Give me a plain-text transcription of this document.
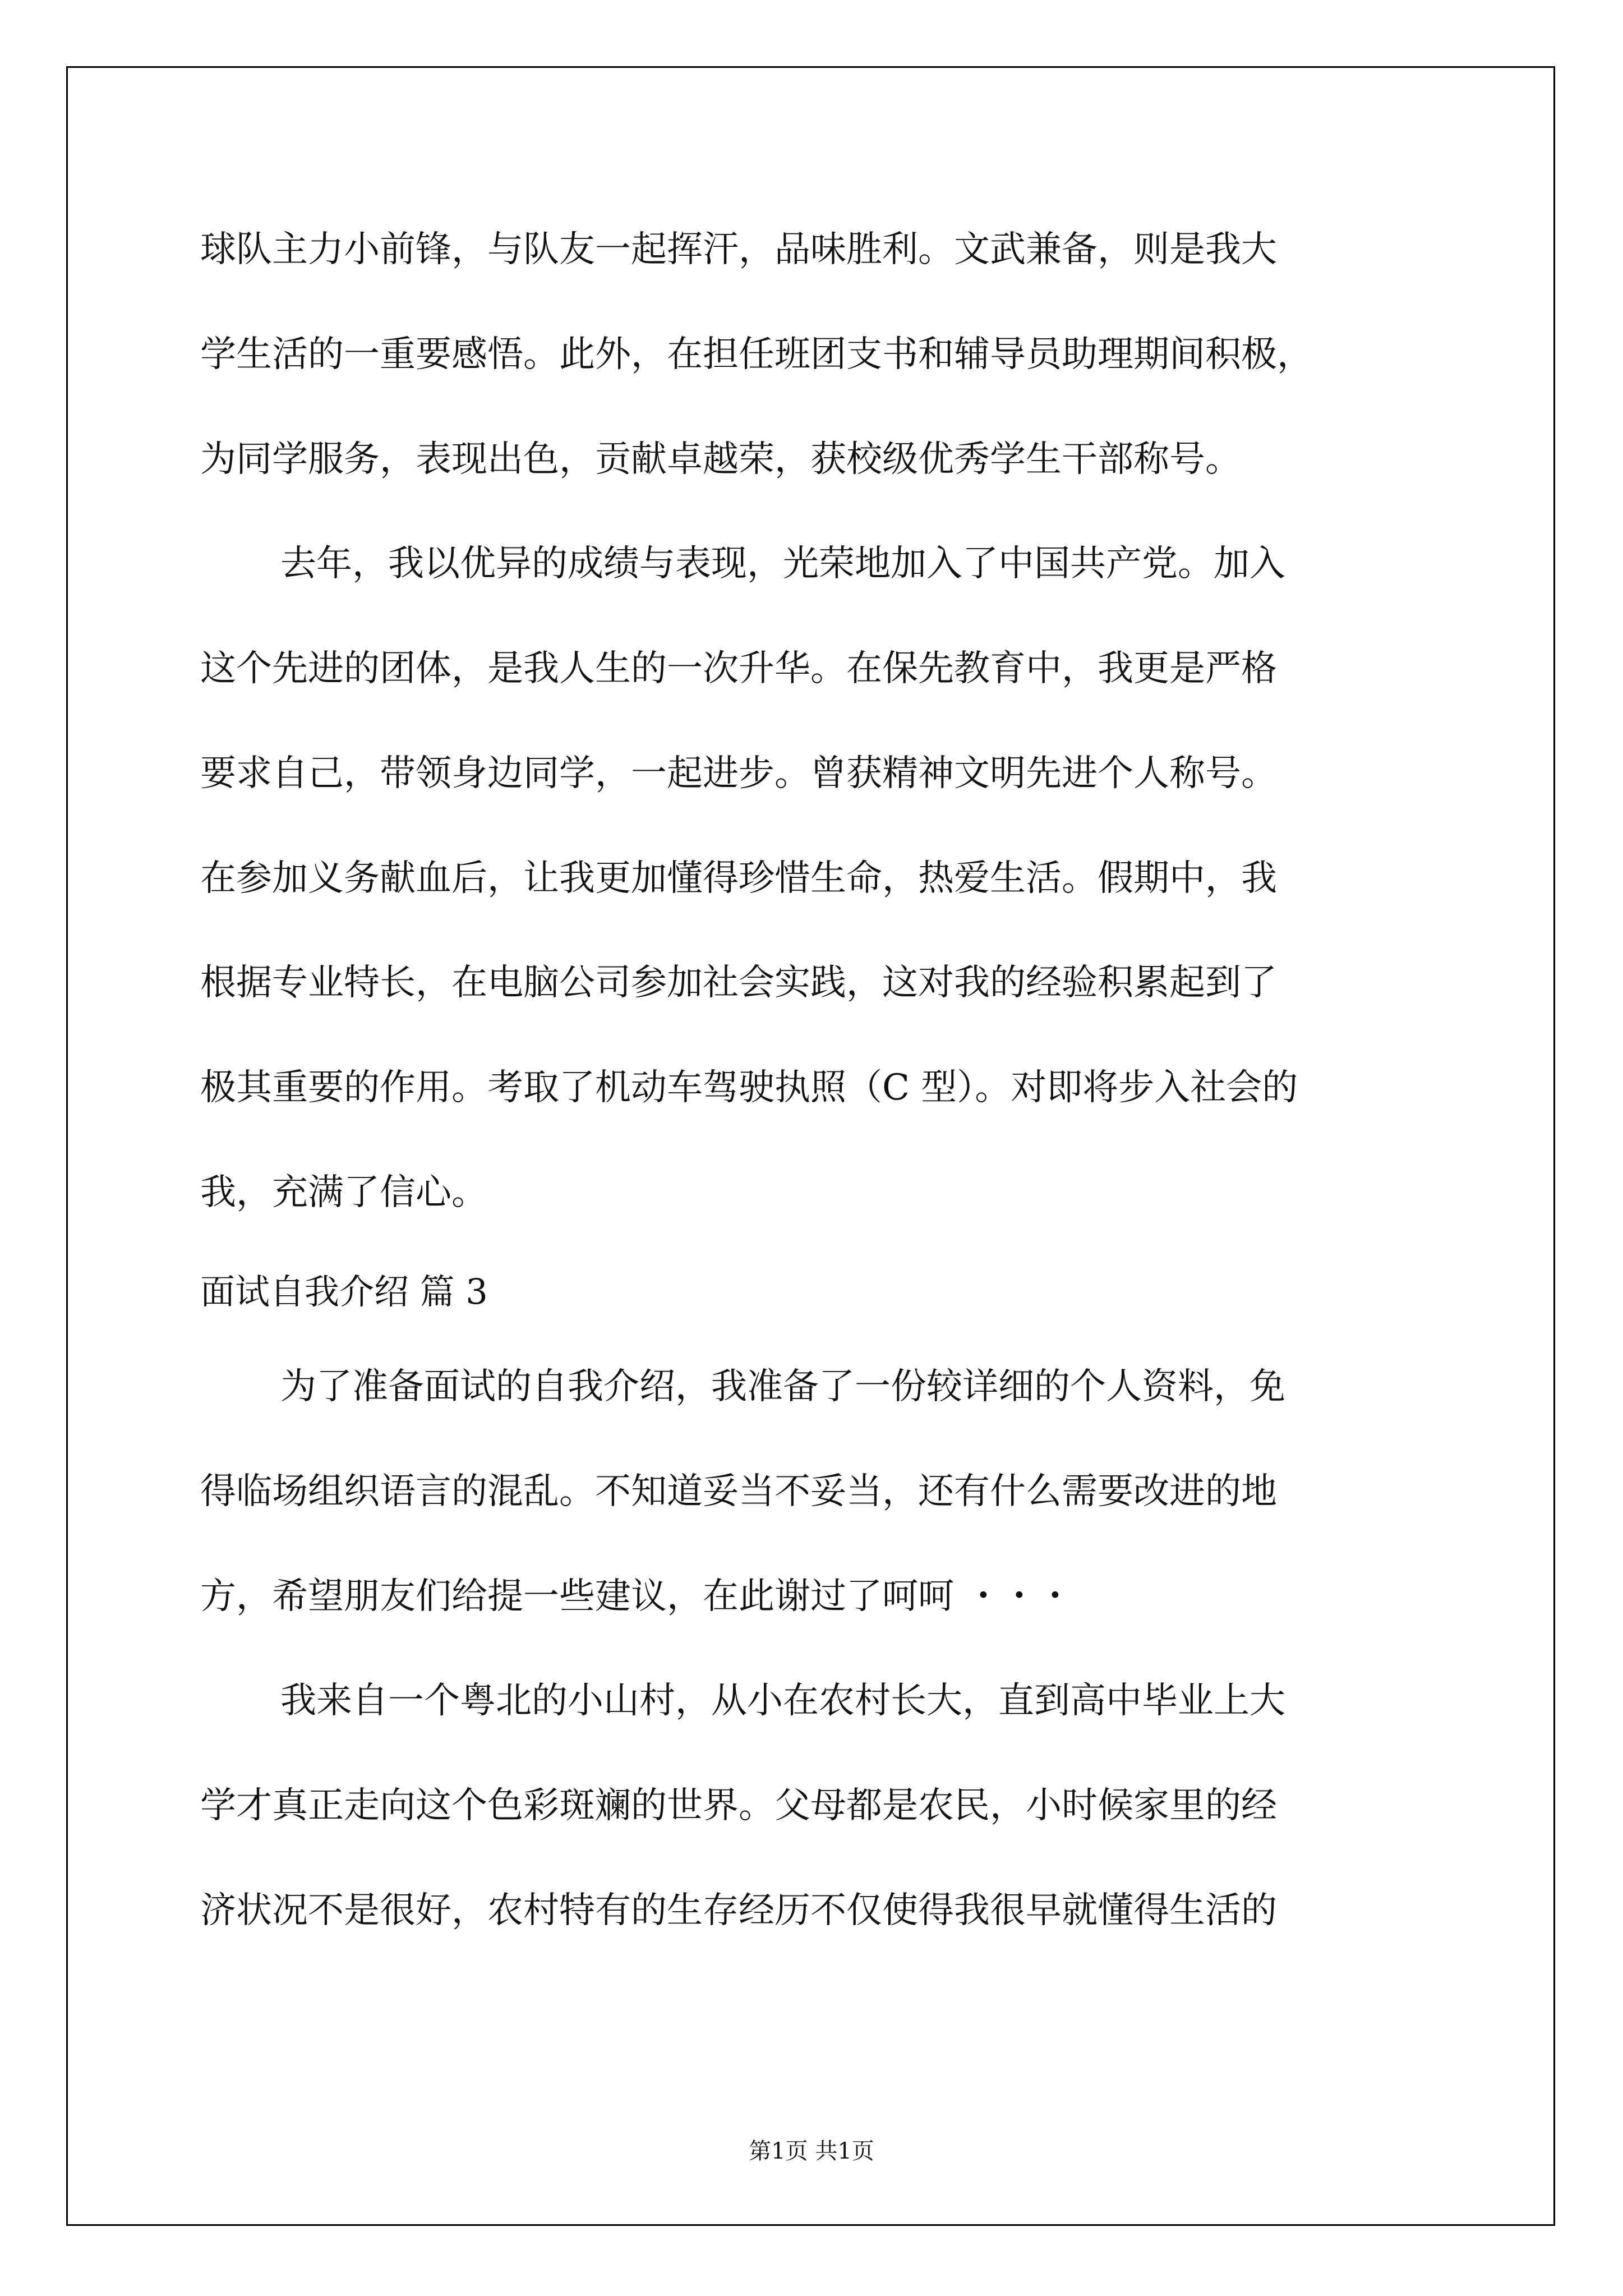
球队主力小前锋，与队友一起挥汗，品味胜利。文武兼备，则是我大
学生活的一重要感悟。此外，在担任班团支书和辅导员助理期间积极，
为同学服务，表现出色，贡献卓越荣，获校级优秀学生干部称号。
去年，我以优异的成绩与表现，光荣地加入了中国共产党。加入
这个先进的团体，是我人生的一次升华。在保先教育中，我更是严格
要求自己，带领身边同学，一起进步。曾获精神文明先进个人称号。
在参加义务献血后，让我更加懂得珍惜生命，热爱生活。假期中，我
根据专业特长，在电脑公司参加社会实践，这对我的经验积累起到了
极其重要的作用。考取了机动车驾驶执照（C 型）。对即将步入社会的
我，充满了信心。
面试自我介绍 篇 3
为了准备面试的自我介绍，我准备了一份较详细的个人资料，免
得临场组织语言的混乱。不知道妥当不妥当，还有什么需要改进的地
方，希望朋友们给提一些建议，在此谢过了呵呵 ・・・
我来自一个粤北的小山村，从小在农村长大，直到高中毕业上大
学才真正走向这个色彩斑斓的世界。父母都是农民，小时候家里的经
济状况不是很好，农村特有的生存经历不仅使得我很早就懂得生活的
第1页 共1页
